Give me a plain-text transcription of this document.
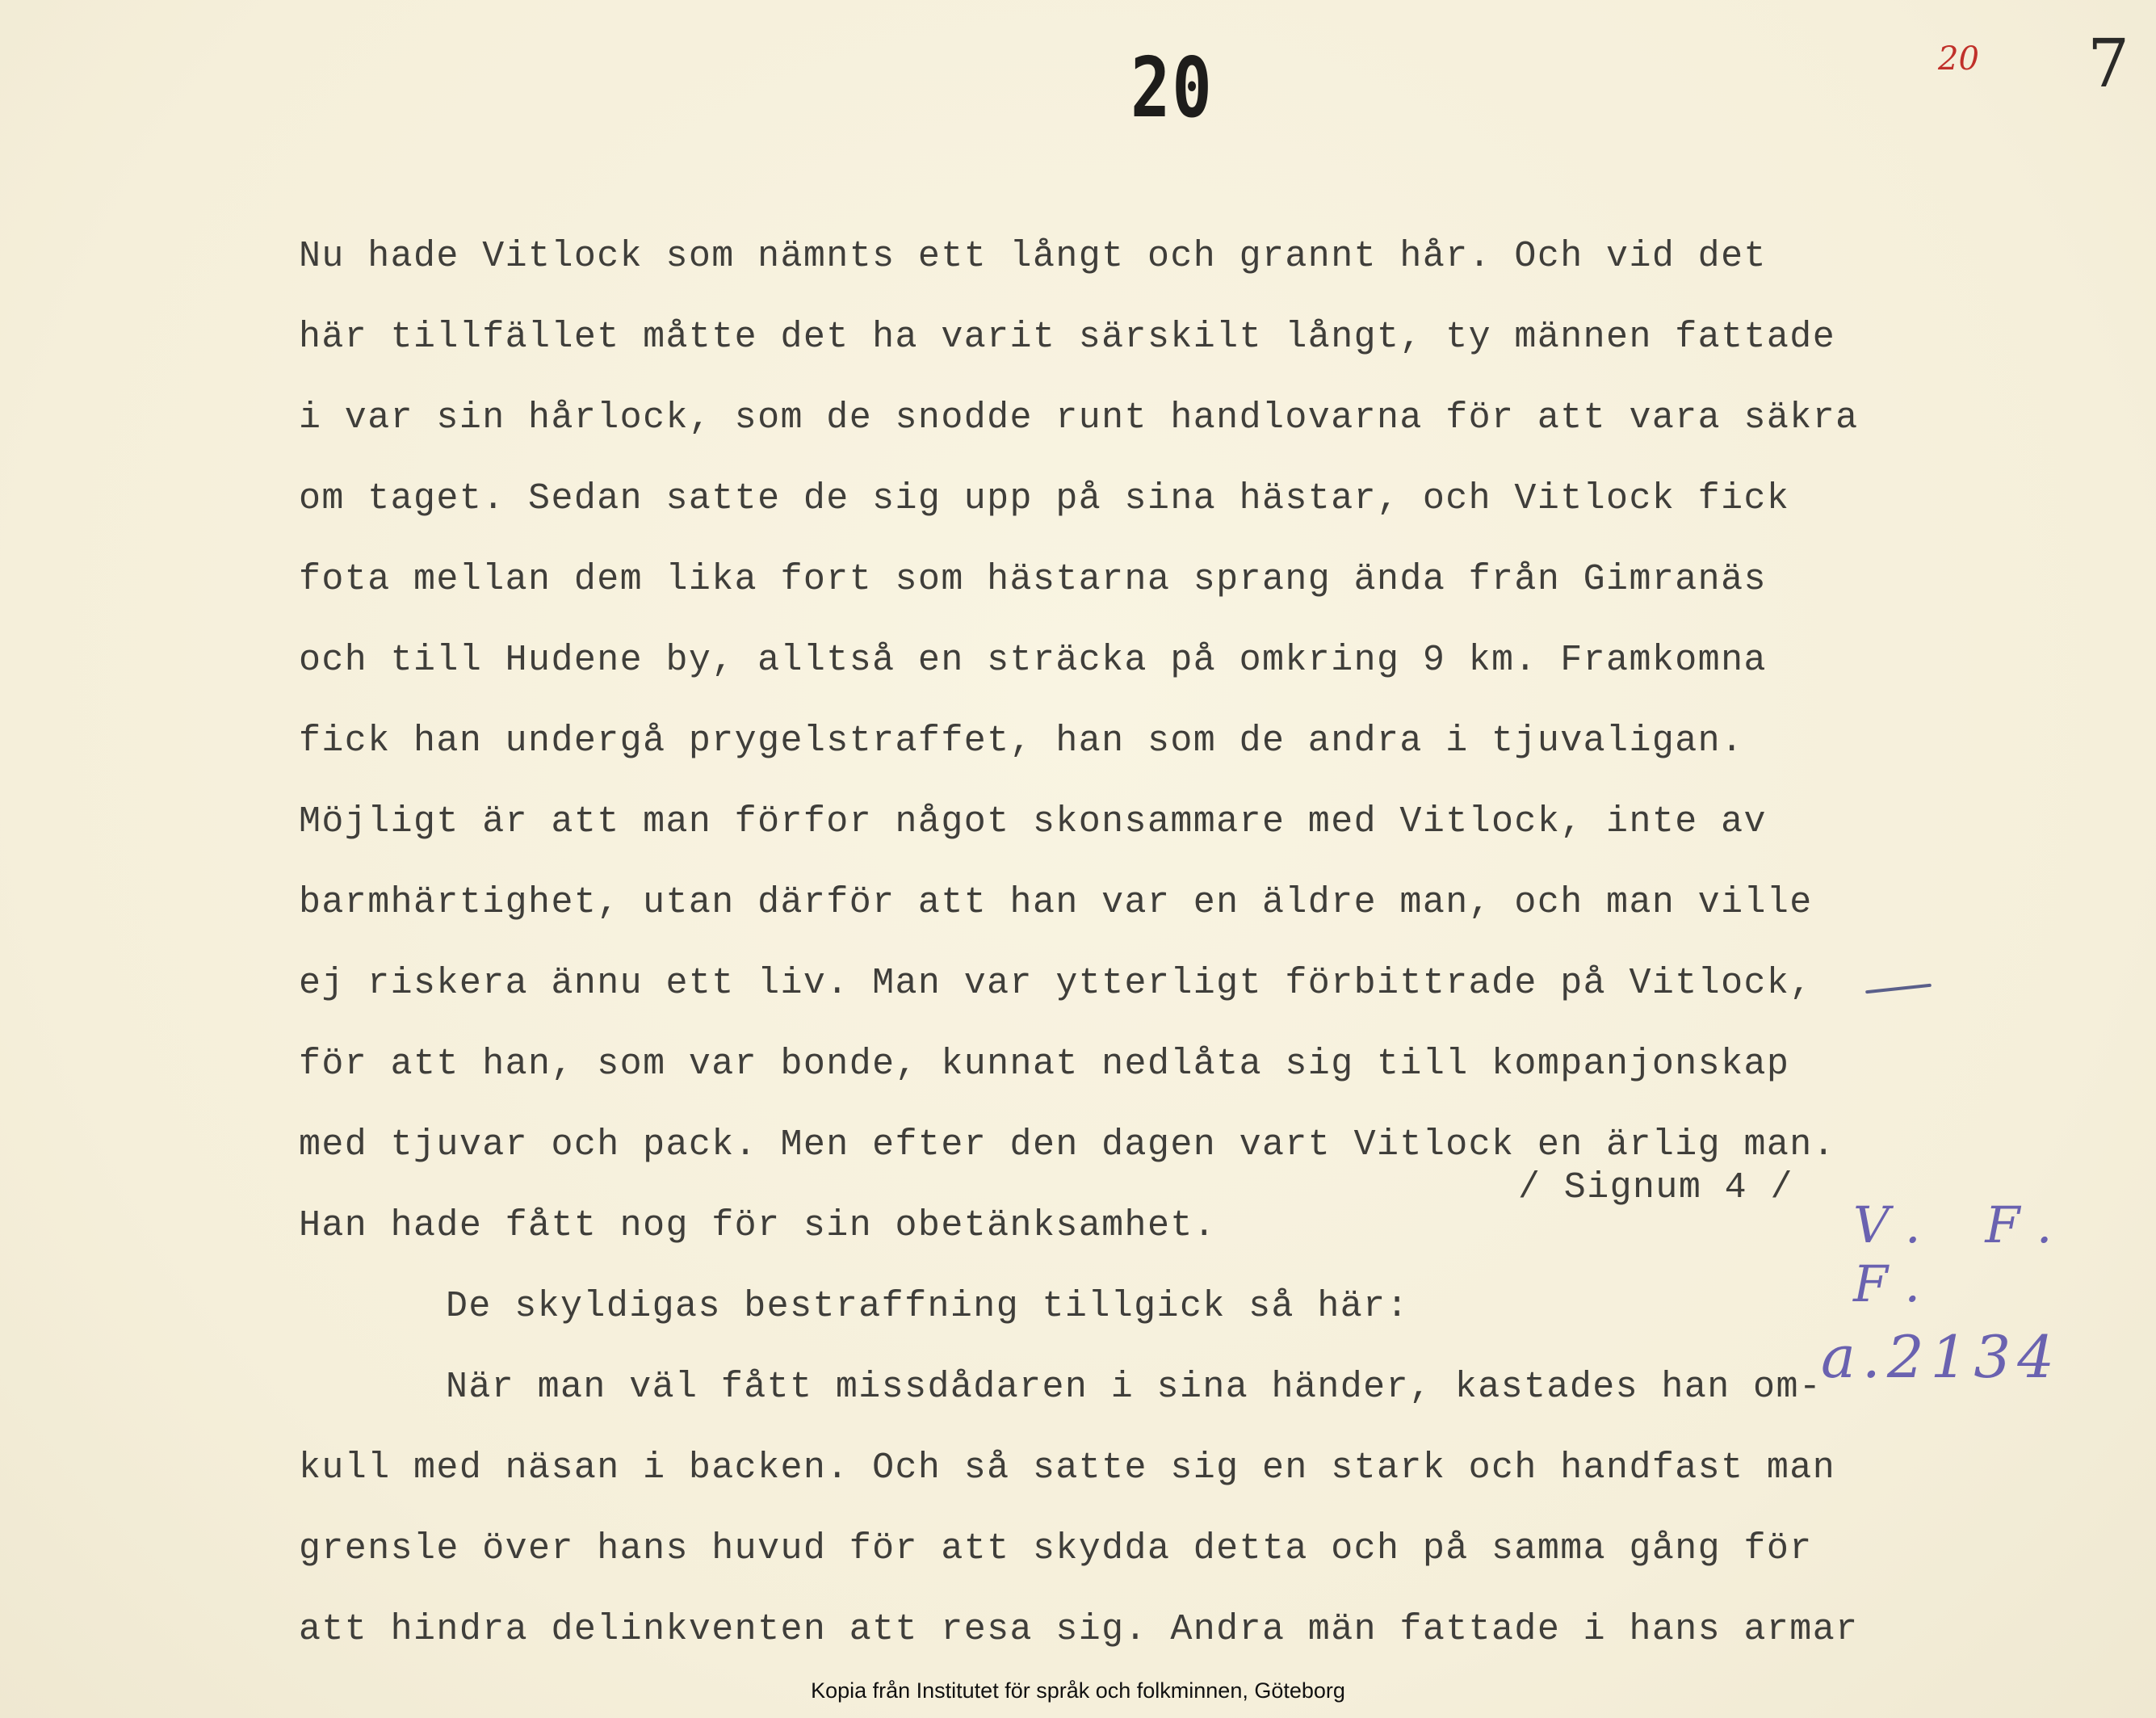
20	20 7
Nu hade Vitlock som nämnts ett långt och grannt hår. Och vid det
här tillfället måtte det ha varit särskilt långt, ty männen fattade
i var sin hårlock, som de snodde runt handlovarna för att vara säkra
om taget. Sedan satte de sig upp på sina hästar, och Vitlock fick
fota mellan dem lika fort som hästarna sprang ända från Gimranäs
och till Hudene by, alltså en sträcka på omkring 9 km. Framkomna
fick han undergå prygelstraffet, han som de andra i tjuvaligan.
Möjligt är att man förfor något skonsammare med Vitlock, inte av
barmhärtighet, utan därför att han var en äldre man, och man ville
ej riskera ännu ett liv. Man var ytterligt förbittrade på Vitlock,
för att han, som var bonde, kunnat nedlåta sig till kompanjonskap
med tjuvar och pack. Men efter den dagen vart Vitlock en ärlig man.
Han hade fått nog för sin obetänksamhet.
De skyldigas bestraffning tillgick så här:
När man väl fått missdådaren i sina händer, kastades han om-
kull med näsan i backen. Och så satte sig en stark och handfast man
grensle över hans huvud för att skydda detta och på samma gång för
att hindra delinkventen att resa sig. Andra män fattade i hans armar
/ Signum 4 /
V. F. F.
a.2134
Kopia från Institutet för språk och folkminnen, Göteborg
